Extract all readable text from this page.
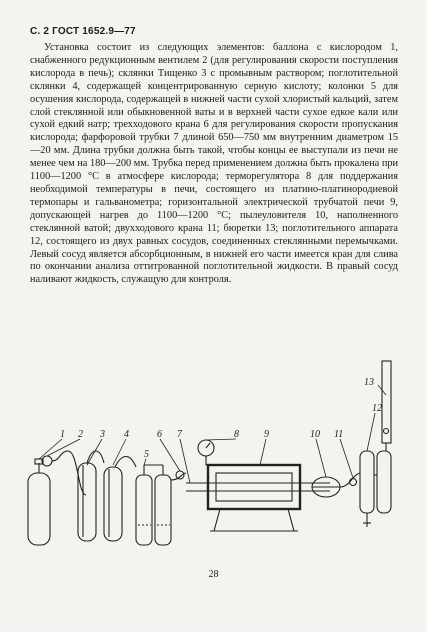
С. 2 ГОСТ 1652.9—77

Установка состоит из следующих элементов: баллона с кислородом 1, снабженного редукционным вентилем 2 (для регулирования скорости поступления кислорода в печь); склянки Тищенко 3 с промывным раствором; поглотительной склянки 4, содержащей концентрированную серную кислоту; колонки 5 для осушения кислорода, содержащей в нижней части сухой хлористый кальций, затем слой стеклянной или обыкновенной ваты и в верхней части сухое едкое кали или сухой едкий натр; трехходового крана 6 для регулирования скорости пропускания кислорода; фарфоровой трубки 7 длиной 650—750 мм внутренним диаметром 15—20 мм. Длина трубки должна быть такой, чтобы концы ее выступали из печи не менее чем на 180—200 мм. Трубка перед применением должна быть прокалена при 1100—1200 °С в атмосфере кислорода; терморегулятора 8 для поддержания необходимой температуры в печи, состоящего из платино-платинородиевой термопары и гальванометра; горизонтальной электрической трубчатой печи 9, допускающей нагрев до 1100—1200 °С; пылеуловителя 10, наполненного стеклянной ватой; двухходового крана 11; бюретки 13; поглотительного аппарата 12, состоящего из двух равных сосудов, соединенных стеклянными перемычками. Левый сосуд является абсорбционным, в нижней его части имеется кран для слива по окончании анализа оттитрованной поглотительной жидкости. В правый сосуд наливают жидкость, служащую для контроля.

1 2 3 4
5
6 7	8	9	10 11
12
13
28
